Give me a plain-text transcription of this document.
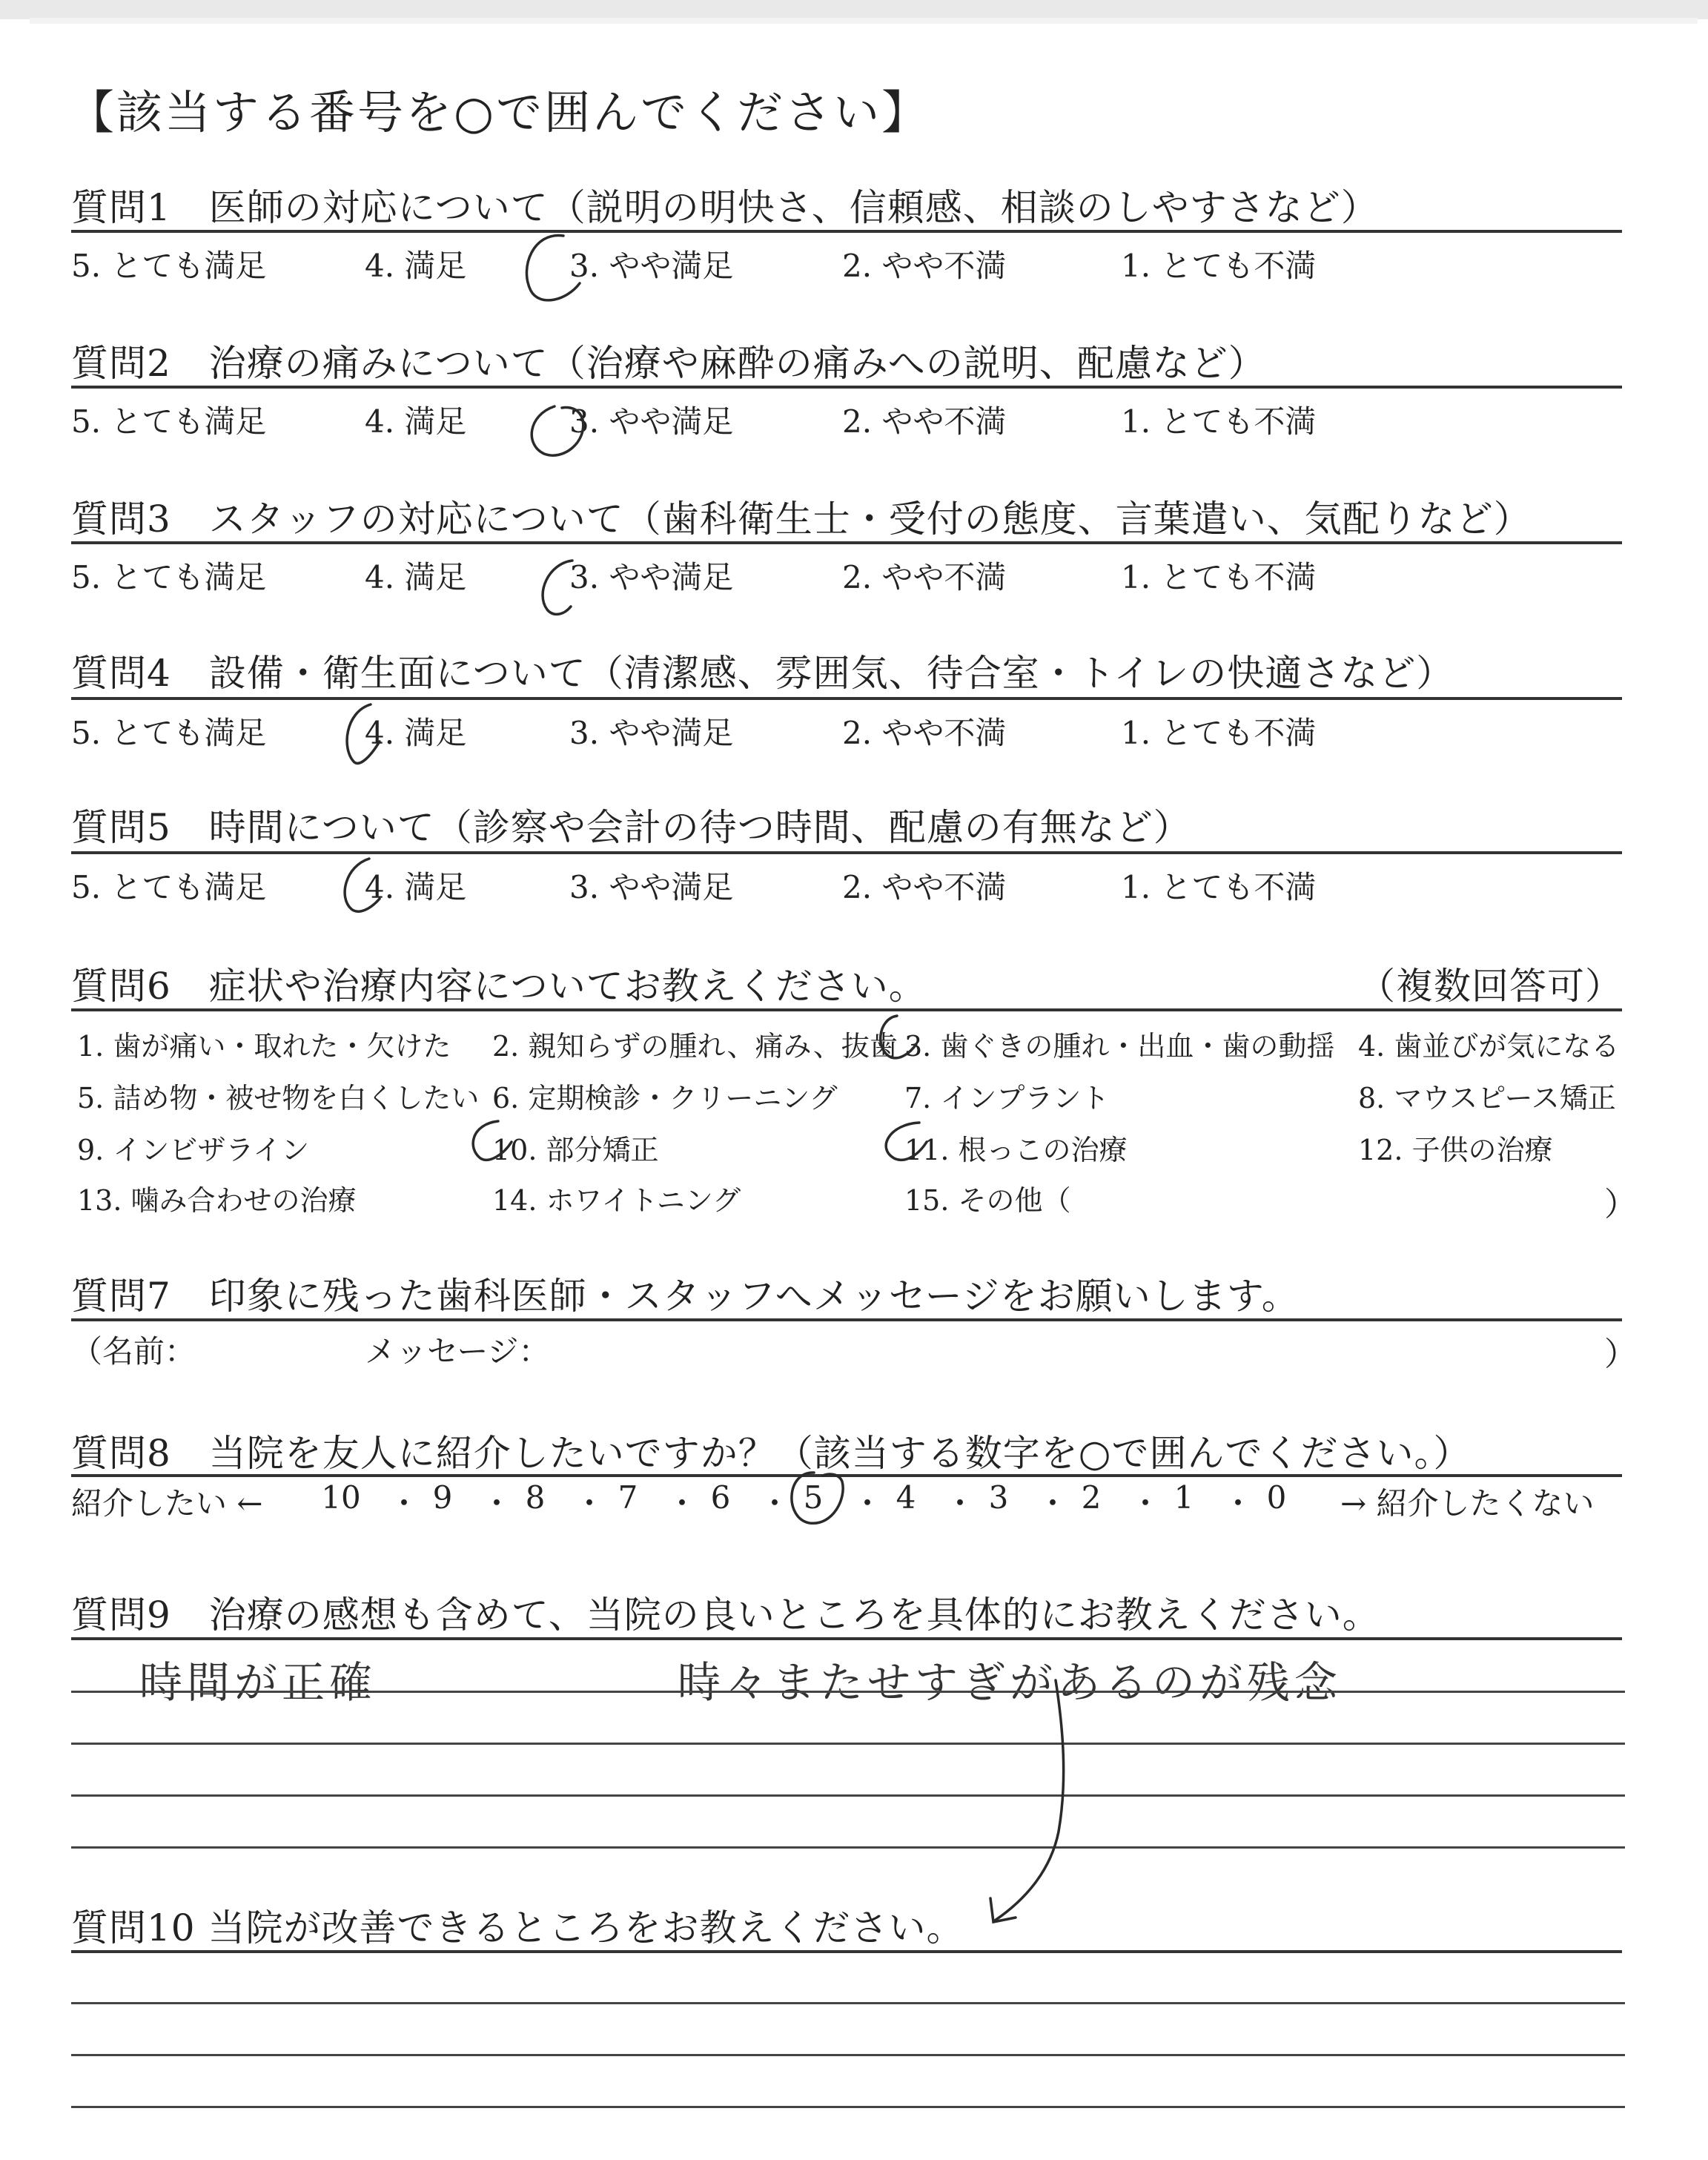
【該当する番号を○で囲んでください】
質問1　医師の対応について（説明の明快さ、信頼感、相談のしやすさなど）
5. とても満足	4. 満足	3. やや満足	2. やや不満	1. とても不満
質問2　治療の痛みについて（治療や麻酔の痛みへの説明、配慮など）
5. とても満足	4. 満足	3. やや満足	2. やや不満	1. とても不満
質問3　スタッフの対応について（歯科衛生士・受付の態度、言葉遣い、気配りなど）
5. とても満足	4. 満足	3. やや満足	2. やや不満	1. とても不満
質問4　設備・衛生面について（清潔感、雰囲気、待合室・トイレの快適さなど）
5. とても満足	4. 満足	3. やや満足	2. やや不満	1. とても不満
質問5　時間について（診察や会計の待つ時間、配慮の有無など）
5. とても満足	4. 満足	3. やや満足	2. やや不満	1. とても不満
質問6　症状や治療内容についてお教えください。	（複数回答可）
1. 歯が痛い・取れた・欠けた 2. 親知らずの腫れ、痛み、抜歯 3. 歯ぐきの腫れ・出血・歯の動揺 4. 歯並びが気になる
5. 詰め物・被せ物を白くしたい 6. 定期検診・クリーニング 7. インプラント	8. マウスピース矯正
9. インビザライン	10. 部分矯正	11. 根っこの治療	12. 子供の治療
13. 噛み合わせの治療	14. ホワイトニング	15. その他（	）
質問7　印象に残った歯科医師・スタッフへメッセージをお願いします。
（名前：	メッセージ：	）
質問8　当院を友人に紹介したいですか？（該当する数字を○で囲んでください。）
紹介したい ← 10 ・ 9 ・ 8 ・ 7 ・ 6 ・ 5 ・ 4 ・ 3 ・ 2 ・ 1 ・ 0	→ 紹介したくない
質問9　治療の感想も含めて、当院の良いところを具体的にお教えください。
時間が正確	時々またせすぎがあるのが残念
質問10 当院が改善できるところをお教えください。
